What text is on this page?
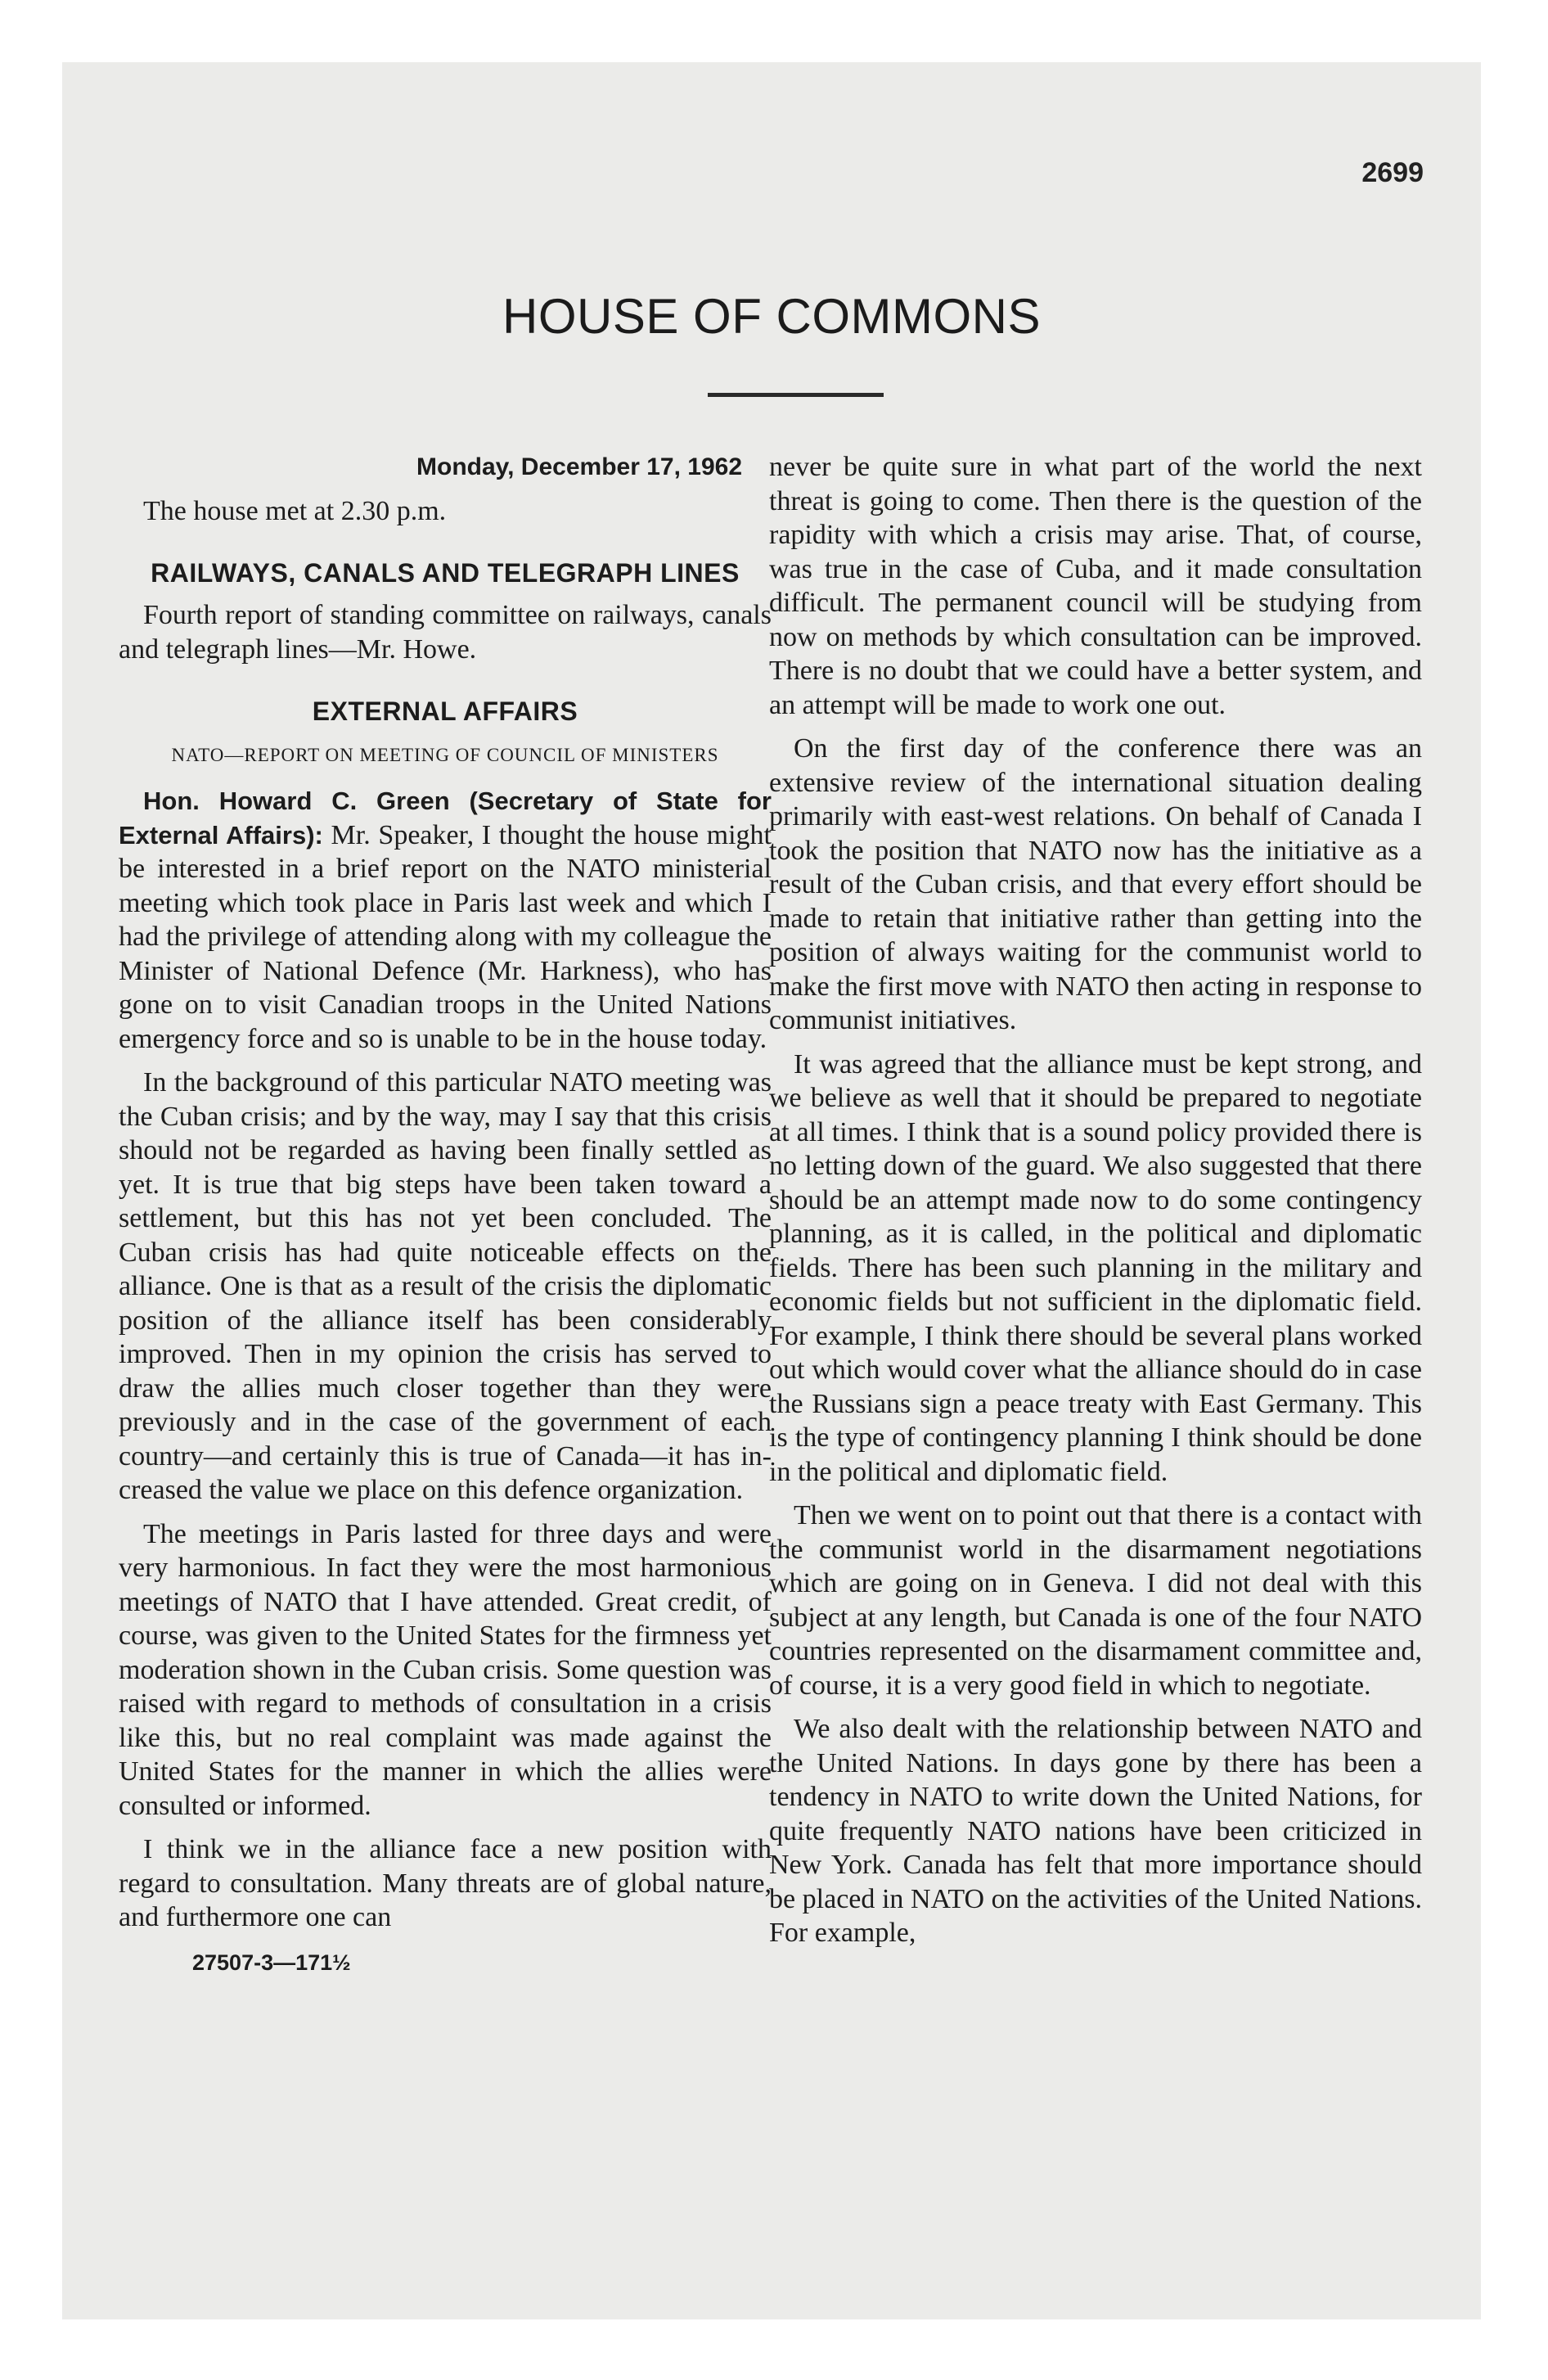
2699
HOUSE OF COMMONS

Monday, December 17, 1962

The house met at 2.30 p.m.

RAILWAYS, CANALS AND TELEGRAPH LINES

Fourth report of standing committee on railways, canals and telegraph lines—Mr. Howe.

EXTERNAL AFFAIRS

NATO—REPORT ON MEETING OF COUNCIL OF MINISTERS

Hon. Howard C. Green (Secretary of State for External Affairs): Mr. Speaker, I thought the house might be interested in a brief report on the NATO ministerial meeting which took place in Paris last week and which I had the privilege of attending along with my colleague the Minister of National Defence (Mr. Harkness), who has gone on to visit Canadian troops in the United Nations emergency force and so is unable to be in the house today.

In the background of this particular NATO meeting was the Cuban crisis; and by the way, may I say that this crisis should not be regarded as having been finally settled as yet. It is true that big steps have been taken toward a settlement, but this has not yet been concluded. The Cuban crisis has had quite noticeable effects on the alliance. One is that as a result of the crisis the diplomatic position of the alliance itself has been considerably improved. Then in my opinion the crisis has served to draw the allies much closer together than they were previously and in the case of the government of each country—and certainly this is true of Canada—it has increased the value we place on this defence organization.

The meetings in Paris lasted for three days and were very harmonious. In fact they were the most harmonious meetings of NATO that I have attended. Great credit, of course, was given to the United States for the firmness yet moderation shown in the Cuban crisis. Some question was raised with regard to methods of consultation in a crisis like this, but no real complaint was made against the United States for the manner in which the allies were consulted or informed.

I think we in the alliance face a new position with regard to consultation. Many threats are of global nature, and furthermore one can

27507-3—171½

never be quite sure in what part of the world the next threat is going to come. Then there is the question of the rapidity with which a crisis may arise. That, of course, was true in the case of Cuba, and it made consultation difficult. The permanent council will be studying from now on methods by which consultation can be improved. There is no doubt that we could have a better system, and an attempt will be made to work one out.

On the first day of the conference there was an extensive review of the international situation dealing primarily with east-west relations. On behalf of Canada I took the position that NATO now has the initiative as a result of the Cuban crisis, and that every effort should be made to retain that initiative rather than getting into the position of always waiting for the communist world to make the first move with NATO then acting in response to communist initiatives.

It was agreed that the alliance must be kept strong, and we believe as well that it should be prepared to negotiate at all times. I think that is a sound policy provided there is no letting down of the guard. We also suggested that there should be an attempt made now to do some contingency planning, as it is called, in the political and diplomatic fields. There has been such planning in the military and economic fields but not sufficient in the diplomatic field. For example, I think there should be several plans worked out which would cover what the alliance should do in case the Russians sign a peace treaty with East Germany. This is the type of contingency planning I think should be done in the political and diplomatic field.

Then we went on to point out that there is a contact with the communist world in the disarmament negotiations which are going on in Geneva. I did not deal with this subject at any length, but Canada is one of the four NATO countries represented on the disarmament committee and, of course, it is a very good field in which to negotiate.

We also dealt with the relationship between NATO and the United Nations. In days gone by there has been a tendency in NATO to write down the United Nations, for quite frequently NATO nations have been criticized in New York. Canada has felt that more importance should be placed in NATO on the activities of the United Nations. For example,
